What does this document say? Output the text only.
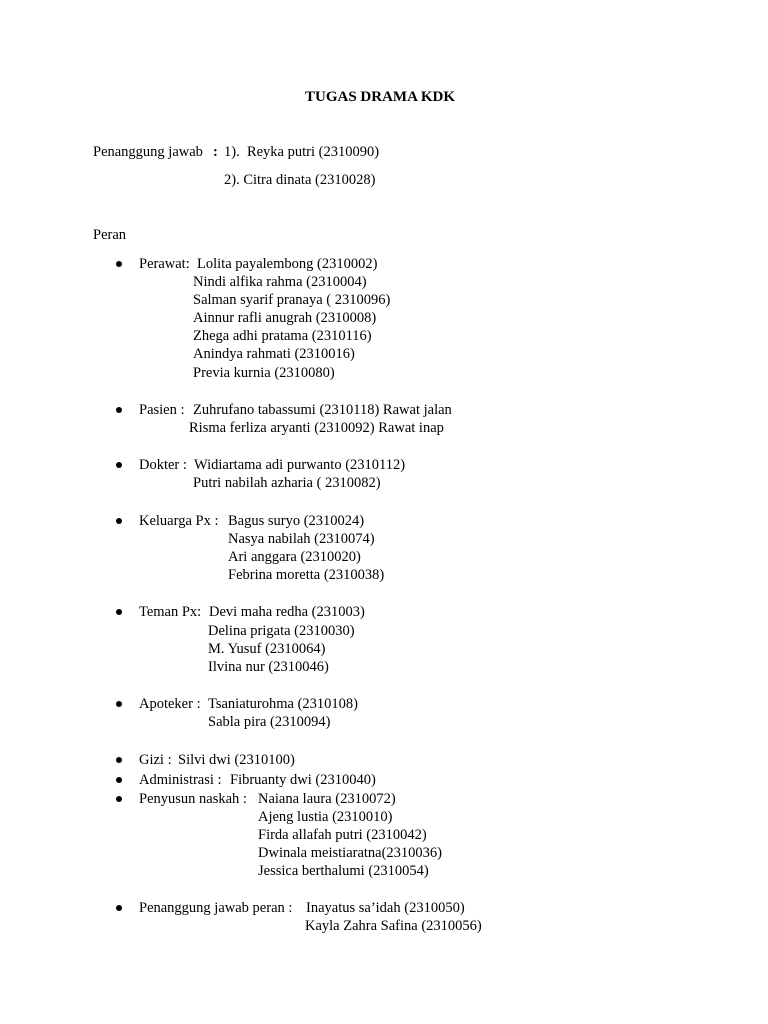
TUGAS DRAMA KDK
Penanggung jawab : 1).  Reyka putri (2310090)
2). Citra dinata (2310028)
Peran
Perawat: Lolita payalembong (2310002)
Nindi alfika rahma (2310004)
Salman syarif pranaya ( 2310096)
Ainnur rafli anugrah (2310008)
Zhega adhi pratama (2310116)
Anindya rahmati (2310016)
Previa kurnia (2310080)
Pasien : Zuhrufano tabassumi (2310118) Rawat jalan
Risma ferliza aryanti (2310092) Rawat inap
Dokter : Widiartama adi purwanto (2310112)
Putri nabilah azharia ( 2310082)
Keluarga Px : Bagus suryo (2310024)
Nasya nabilah (2310074)
Ari anggara (2310020)
Febrina moretta (2310038)
Teman Px: Devi maha redha (231003)
Delina prigata (2310030)
M. Yusuf (2310064)
Ilvina nur (2310046)
Apoteker : Tsaniaturohma (2310108)
Sabla pira (2310094)
Gizi : Silvi dwi (2310100)
Administrasi : Fibruanty dwi (2310040)
Penyusun naskah : Naiana laura (2310072)
Ajeng lustia (2310010)
Firda allafah putri (2310042)
Dwinala meistiaratna(2310036)
Jessica berthalumi (2310054)
Penanggung jawab peran : Inayatus sa’idah (2310050)
Kayla Zahra Safina (2310056)
